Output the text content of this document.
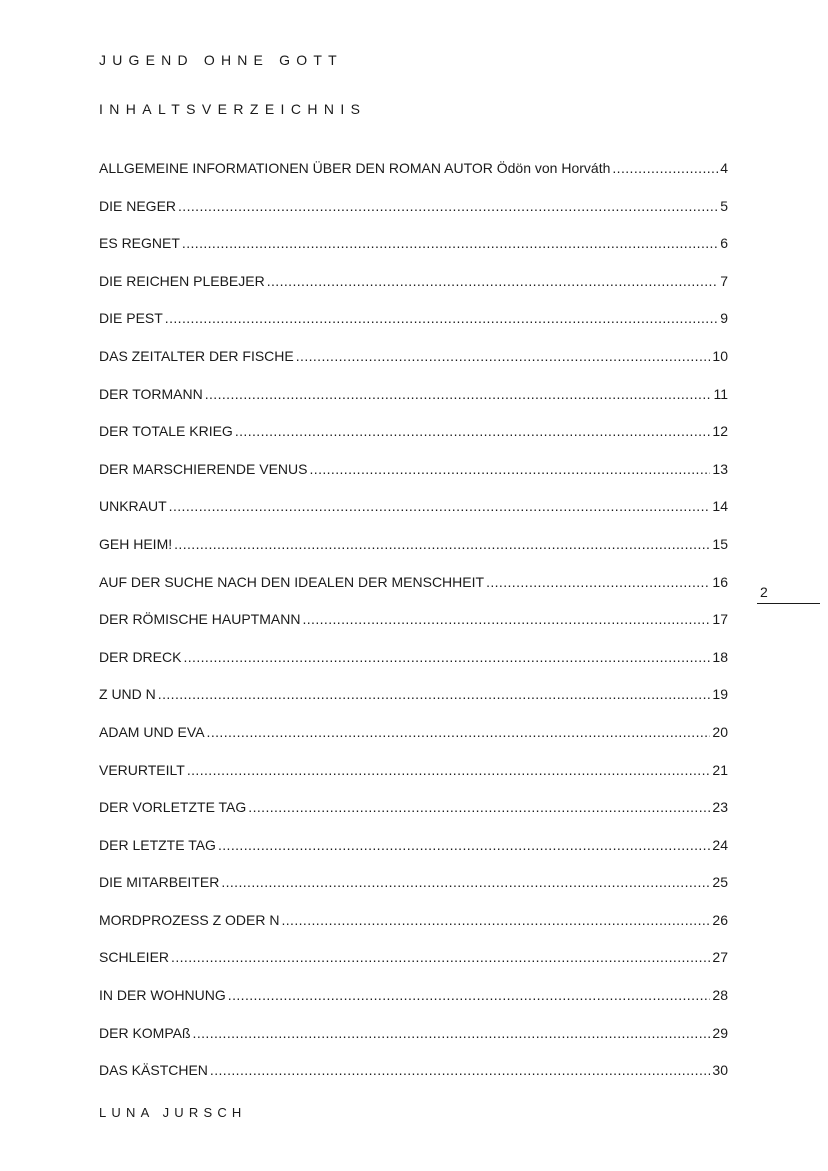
JUGEND OHNE GOTT
INHALTSVERZEICHNIS
ALLGEMEINE INFORMATIONEN ÜBER DEN ROMAN AUTOR Ödön von Horváth .....	4
DIE NEGER .....	5
ES REGNET .....	6
DIE REICHEN PLEBEJER .....	7
DIE PEST .....	9
DAS ZEITALTER DER FISCHE .....	10
DER TORMANN .....	11
DER TOTALE KRIEG .....	12
DER MARSCHIERENDE VENUS .....	13
UNKRAUT .....	14
GEH HEIM! .....	15
AUF DER SUCHE NACH DEN IDEALEN DER MENSCHHEIT .....	16
DER RÖMISCHE HAUPTMANN .....	17
DER DRECK .....	18
Z UND N .....	19
ADAM UND EVA .....	20
VERURTEILT .....	21
DER VORLETZTE TAG .....	23
DER LETZTE TAG .....	24
DIE MITARBEITER .....	25
MORDPROZESS Z ODER N .....	26
SCHLEIER .....	27
IN DER WOHNUNG .....	28
DER KOMPAß .....	29
DAS KÄSTCHEN .....	30
2
LUNA JURSCH
